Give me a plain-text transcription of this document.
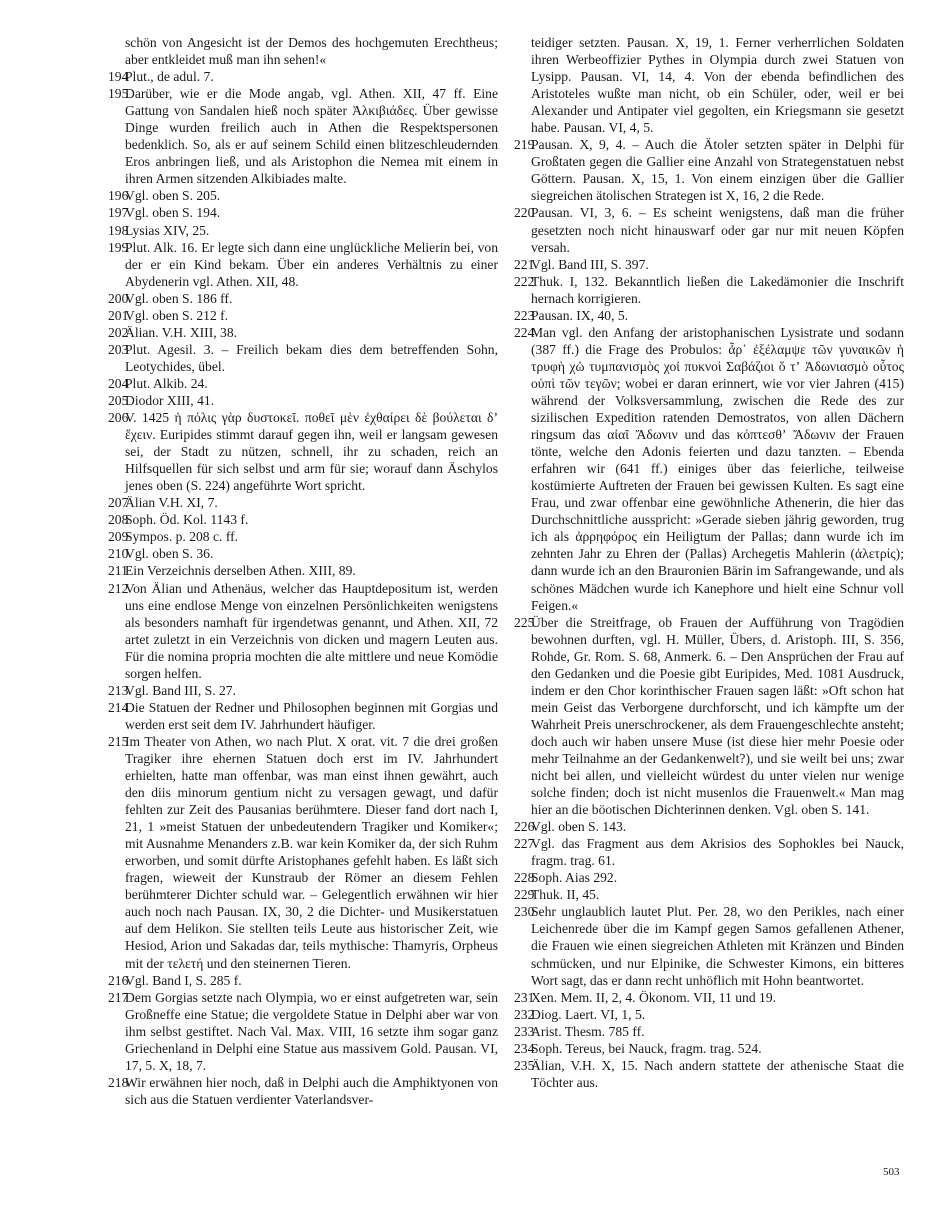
schön von Angesicht ist der Demos des hochgemuten Erechtheus; aber entkleidet muß man ihn sehen!«
194
Plut., de adul. 7.
195
Darüber, wie er die Mode angab, vgl. Athen. XII, 47 ff. Eine Gattung von Sandalen hieß noch später Ἀλκιβιάδες. Über gewisse Dinge wurden freilich auch in Athen die Respektspersonen bedenklich. So, als er auf seinem Schild einen blitzeschleudernden Eros anbringen ließ, und als Aristophon die Nemea mit einem in ihren Armen sitzenden Alkibiades malte.
196
Vgl. oben S. 205.
197
Vgl. oben S. 194.
198
Lysias XIV, 25.
199
Plut. Alk. 16. Er legte sich dann eine unglückliche Melierin bei, von der er ein Kind bekam. Über ein anderes Verhältnis zu einer Abydenerin vgl. Athen. XII, 48.
200
Vgl. oben S. 186 ff.
201
Vgl. oben S. 212 f.
202
Älian. V.H. XIII, 38.
203
Plut. Agesil. 3. – Freilich bekam dies dem betreffenden Sohn, Leotychides, übel.
204
Plut. Alkib. 24.
205
Diodor XIII, 41.
206
V. 1425 ἡ πόλις γὰρ δυστοκεῖ. ποθεῖ μὲν ἐχθαίρει δὲ βούλεται δʼ ἔχειν. Euripides stimmt darauf gegen ihn, weil er langsam gewesen sei, der Stadt zu nützen, schnell, ihr zu schaden, reich an Hilfsquellen für sich selbst und arm für sie; worauf dann Äschylos jenes oben (S. 224) angeführte Wort spricht.
207
Älian V.H. XI, 7.
208
Soph. Öd. Kol. 1143 f.
209
Sympos. p. 208 c. ff.
210
Vgl. oben S. 36.
211
Ein Verzeichnis derselben Athen. XIII, 89.
212
Von Älian und Athenäus, welcher das Hauptdepositum ist, werden uns eine endlose Menge von einzelnen Persönlichkeiten wenigstens als besonders namhaft für irgendetwas genannt, und Athen. XII, 72 artet zuletzt in ein Verzeichnis von dicken und magern Leuten aus. Für die nomina propria mochten die alte mittlere und neue Komödie sorgen helfen.
213
Vgl. Band III, S. 27.
214
Die Statuen der Redner und Philosophen beginnen mit Gorgias und werden erst seit dem IV. Jahrhundert häufiger.
215
Im Theater von Athen, wo nach Plut. X orat. vit. 7 die drei großen Tragiker ihre ehernen Statuen doch erst im IV. Jahrhundert erhielten, hatte man offenbar, was man einst ihnen gewährt, auch den diis minorum gentium nicht zu versagen gewagt, und dafür fehlten zur Zeit des Pausanias berühmtere. Dieser fand dort nach I, 21, 1 »meist Statuen der unbedeutendern Tragiker und Komiker«; mit Ausnahme Menanders z.B. war kein Komiker da, der sich Ruhm erworben, und somit dürfte Aristophanes gefehlt haben. Es läßt sich fragen, wieweit der Kunstraub der Römer an diesem Fehlen berühmterer Dichter schuld war. – Gelegentlich erwähnen wir hier auch noch nach Pausan. IX, 30, 2 die Dichter- und Musikerstatuen auf dem Helikon. Sie stellten teils Leute aus historischer Zeit, wie Hesiod, Arion und Sakadas dar, teils mythische: Thamyris, Orpheus mit der τελετή und den steinernen Tieren.
216
Vgl. Band I, S. 285 f.
217
Dem Gorgias setzte nach Olympia, wo er einst aufgetreten war, sein Großneffe eine Statue; die vergoldete Statue in Delphi aber war von ihm selbst gestiftet. Nach Val. Max. VIII, 16 setzte ihm sogar ganz Griechenland in Delphi eine Statue aus massivem Gold. Pausan. VI, 17, 5. X, 18, 7.
218
Wir erwähnen hier noch, daß in Delphi auch die Amphiktyonen von sich aus die Statuen verdienter Vaterlandsver-
teidiger setzten. Pausan. X, 19, 1. Ferner verherrlichen Soldaten ihren Werbeoffizier Pythes in Olympia durch zwei Statuen von Lysipp. Pausan. VI, 14, 4. Von der ebenda befindlichen des Aristoteles wußte man nicht, ob ein Schüler, oder, weil er bei Alexander und Antipater viel gegolten, ein Kriegsmann sie gesetzt habe. Pausan. VI, 4, 5.
219
Pausan. X, 9, 4. – Auch die Ätoler setzten später in Delphi für Großtaten gegen die Gallier eine Anzahl von Strategenstatuen nebst Göttern. Pausan. X, 15, 1. Von einem einzigen über die Gallier siegreichen ätolischen Strategen ist X, 16, 2 die Rede.
220
Pausan. VI, 3, 6. – Es scheint wenigstens, daß man die früher gesetzten noch nicht hinauswarf oder gar nur mit neuen Köpfen versah.
221
Vgl. Band III, S. 397.
222
Thuk. I, 132. Bekanntlich ließen die Lakedämonier die Inschrift hernach korrigieren.
223
Pausan. IX, 40, 5.
224
Man vgl. den Anfang der aristophanischen Lysistrate und sodann (387 ff.) die Frage des Probulos: ἆρ᾽ ἐξέλαμψε τῶν γυναικῶν ἡ τρυφὴ χὠ τυμπανισμὸς χοἰ πυκνοὶ Σαβάζιοι ὅ τʼ Ἀδωνιασμὸ οὗτος οὑπὶ τῶν τεγῶν; wobei er daran erinnert, wie vor vier Jahren (415) während der Volksversammlung, zwischen die Rede des zur sizilischen Expedition ratenden Demostratos, von allen Dächern ringsum das αἰαῖ Ἄδωνιν und das κόπτεσθʼ Ἄδωνιν der Frauen tönte, welche den Adonis feierten und dazu tanzten. – Ebenda erfahren wir (641 ff.) einiges über das feierliche, teilweise kostümierte Auftreten der Frauen bei gewissen Kulten. Es sagt eine Frau, und zwar offenbar eine gewöhnliche Athenerin, die hier das Durchschnittliche ausspricht: »Gerade sieben jährig geworden, trug ich als ἀρρηφόρος ein Heiligtum der Pallas; dann wurde ich im zehnten Jahr zu Ehren der (Pallas) Archegetis Mahlerin (ἀλετρίς); dann wurde ich an den Brauronien Bärin im Safrangewande, und als schönes Mädchen wurde ich Kanephore und hielt eine Schnur voll Feigen.«
225
Über die Streitfrage, ob Frauen der Aufführung von Tragödien bewohnen durften, vgl. H. Müller, Übers, d. Aristoph. III, S. 356, Rohde, Gr. Rom. S. 68, Anmerk. 6. – Den Ansprüchen der Frau auf den Gedanken und die Poesie gibt Euripides, Med. 1081 Ausdruck, indem er den Chor korinthischer Frauen sagen läßt: »Oft schon hat mein Geist das Verborgene durchforscht, und ich kämpfte um der Wahrheit Preis unerschrockener, als dem Frauengeschlechte ansteht; doch auch wir haben unsere Muse (ist diese hier mehr Poesie oder mehr Teilnahme an der Gedankenwelt?), und sie weilt bei uns; zwar nicht bei allen, und vielleicht würdest du unter vielen nur wenige solche finden; doch ist nicht musenlos die Frauenwelt.« Man mag hier an die böotischen Dichterinnen denken. Vgl. oben S. 141.
226
Vgl. oben S. 143.
227
Vgl. das Fragment aus dem Akrisios des Sophokles bei Nauck, fragm. trag. 61.
228
Soph. Aias 292.
229
Thuk. II, 45.
230
Sehr unglaublich lautet Plut. Per. 28, wo den Perikles, nach einer Leichenrede über die im Kampf gegen Samos gefallenen Athener, die Frauen wie einen siegreichen Athleten mit Kränzen und Binden schmücken, und nur Elpinike, die Schwester Kimons, ein bitteres Wort sagt, das er dann recht unhöflich mit Hohn beantwortet.
231
Xen. Mem. II, 2, 4. Ökonom. VII, 11 und 19.
232
Diog. Laert. VI, 1, 5.
233
Arist. Thesm. 785 ff.
234
Soph. Tereus, bei Nauck, fragm. trag. 524.
235
Älian, V.H. X, 15. Nach andern stattete der athenische Staat die Töchter aus.
503
